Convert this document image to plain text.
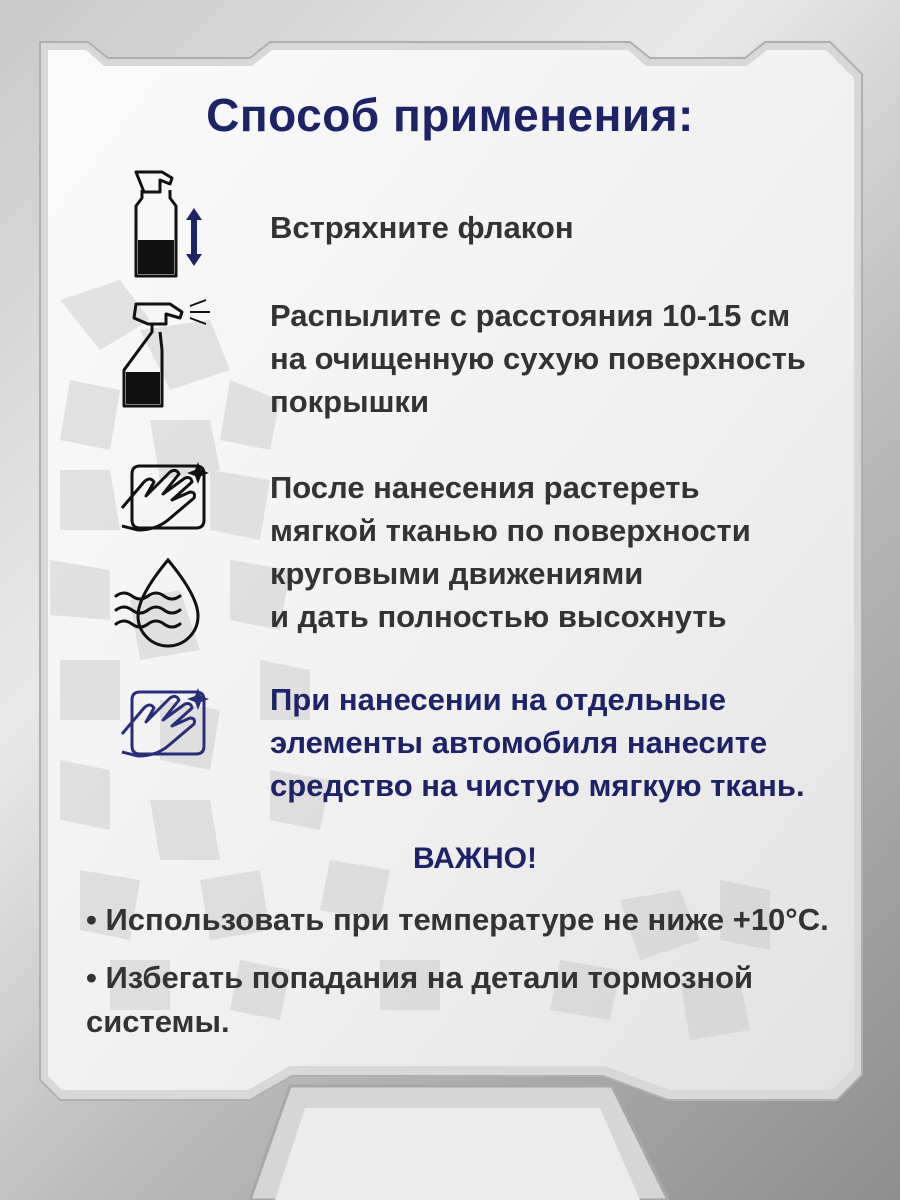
Способ применения:
Встряхните флакон
Распылите с расстояния 10-15 см
на очищенную сухую поверхность
покрышки
После нанесения растереть
мягкой тканью по поверхности
круговыми движениями
и дать полностью высохнуть
При нанесении на отдельные
элементы автомобиля нанесите
средство на чистую мягкую ткань.
ВАЖНО!
• Использовать при температуре не ниже +10°С.
• Избегать попадания на детали тормозной
системы.
